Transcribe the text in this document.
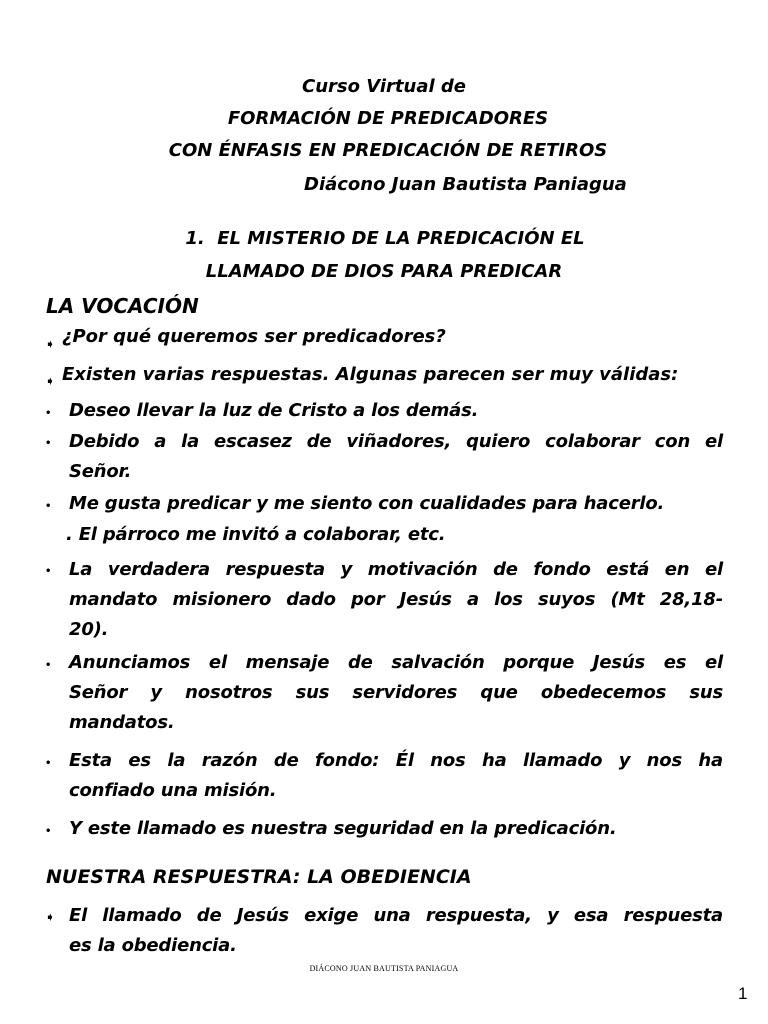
Curso Virtual de
FORMACIÓN DE PREDICADORES
CON ÉNFASIS EN PREDICACIÓN DE RETIROS
Diácono Juan Bautista Paniagua
1.  EL MISTERIO DE LA PREDICACIÓN EL
LLAMADO DE DIOS PARA PREDICAR
LA VOCACIÓN
➧ ¿Por qué queremos ser predicadores?
➧ Existen varias respuestas. Algunas parecen ser muy válidas:
• Deseo llevar la luz de Cristo a los demás.
• Debido a la escasez de viñadores, quiero colaborar con el
Señor.
• Me gusta predicar y me siento con cualidades para hacerlo.
. El párroco me invitó a colaborar, etc.
• La verdadera respuesta y motivación de fondo está en el
mandato misionero dado por Jesús a los suyos (Mt 28,18-
20).
• Anunciamos el mensaje de salvación porque Jesús es el
Señor y nosotros sus servidores que obedecemos sus
mandatos.
• Esta es la razón de fondo: Él nos ha llamado y nos ha
confiado una misión.
• Y este llamado es nuestra seguridad en la predicación.
NUESTRA RESPUESTRA: LA OBEDIENCIA
➧ El llamado de Jesús exige una respuesta, y esa respuesta
es la obediencia.
DIÁCONO JUAN BAUTISTA PANIAGUA
1
